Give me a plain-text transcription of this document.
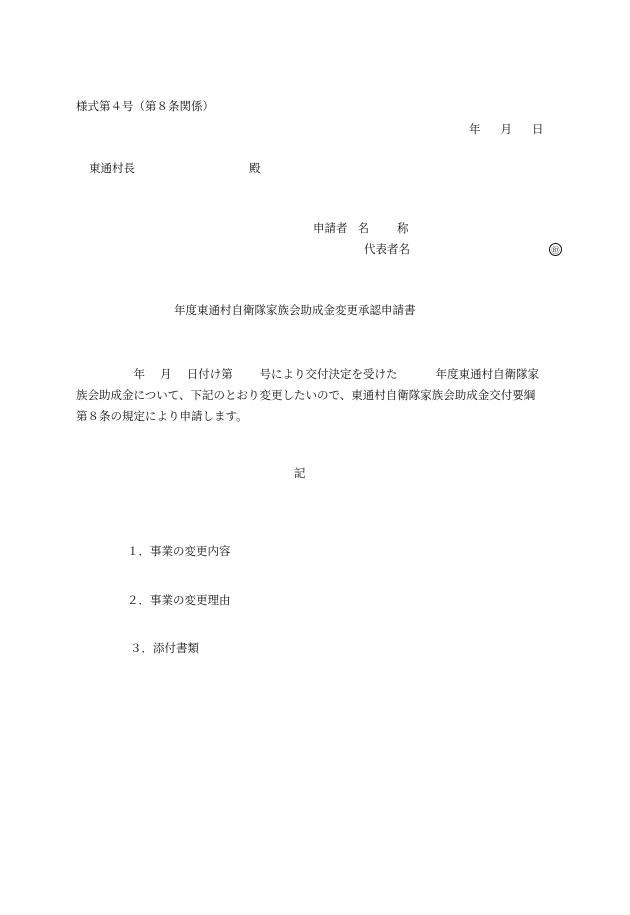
様式第４号（第８条関係）
年 月 日
東通村長	殿
申請者 名 称
代表者名	㊞
年度東通村自衛隊家族会助成金変更承認申請書
　　　　　年　 月　 日付け第　　 号により交付決定を受けた　　　 年度東通村自衛隊家
族会助成金について、下記のとおり変更したいので、東通村自衛隊家族会助成金交付要綱
第８条の規定により申請します。
記
１．事業の変更内容
２．事業の変更理由
３．添付書類
